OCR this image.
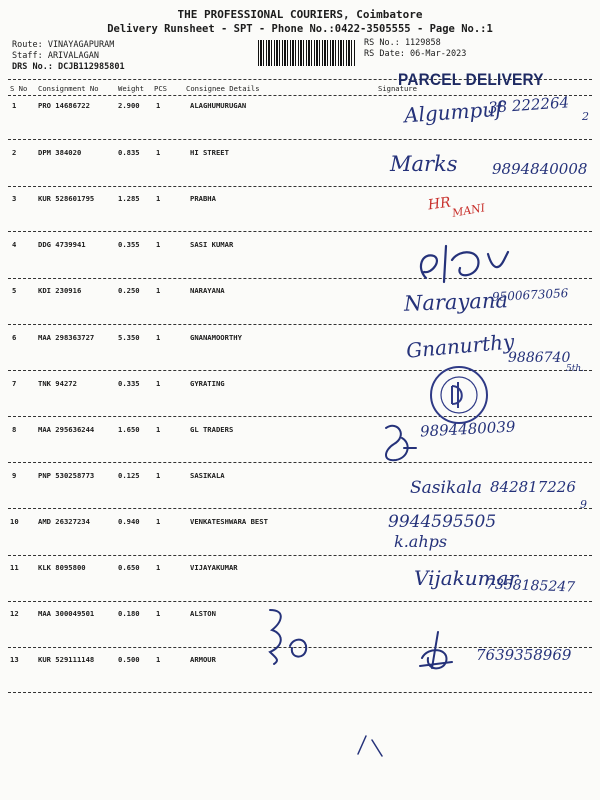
THE PROFESSIONAL COURIERS, Coimbatore
Delivery Runsheet - SPT - Phone No.:0422-3505555 - Page No.:1
Route: VINAYAGAPURAM
Staff: ARIVALAGAN
DRS No.: DCJB112985801
RS No.: 1129858
RS Date: 06-Mar-2023
S No Consignment No	Weight PCS	Consignee Details	Signature
PARCEL DELIVERY
1	PRO 14686722	2.900 1	ALAGHUMURUGAN
2	DPM 384020	0.835 1	HI STREET
3	KUR 528601795	1.285 1	PRABHA
4	DDG 4739941	0.355 1	SASI KUMAR
5	KDI 230916	0.250 1	NARAYANA
6	MAA 298363727	5.350 1	GNANAMOORTHY
7	TNK 94272	0.335 1	GYRATING
8	MAA 295636244	1.650 1	GL TRADERS
9	PNP 530258773	0.125 1	SASIKALA
10	AMD 26327234	0.940 1	VENKATESHWARA BEST
11	KLK 8095800	0.650 1	VIJAYAKUMAR
12	MAA 300049501	0.180 1	ALSTON
13	KUR 529111148	0.500 1	ARMOUR
Algumpuf
38 222264 2
Marks 9894840008
HR MANI
Narayana
9500673056
Gnanurthy
9886740
5th.
9894480039
Sasikala 842817226
9
9944595505
k.ahps
Vijakumar
7358185247
7639358969
